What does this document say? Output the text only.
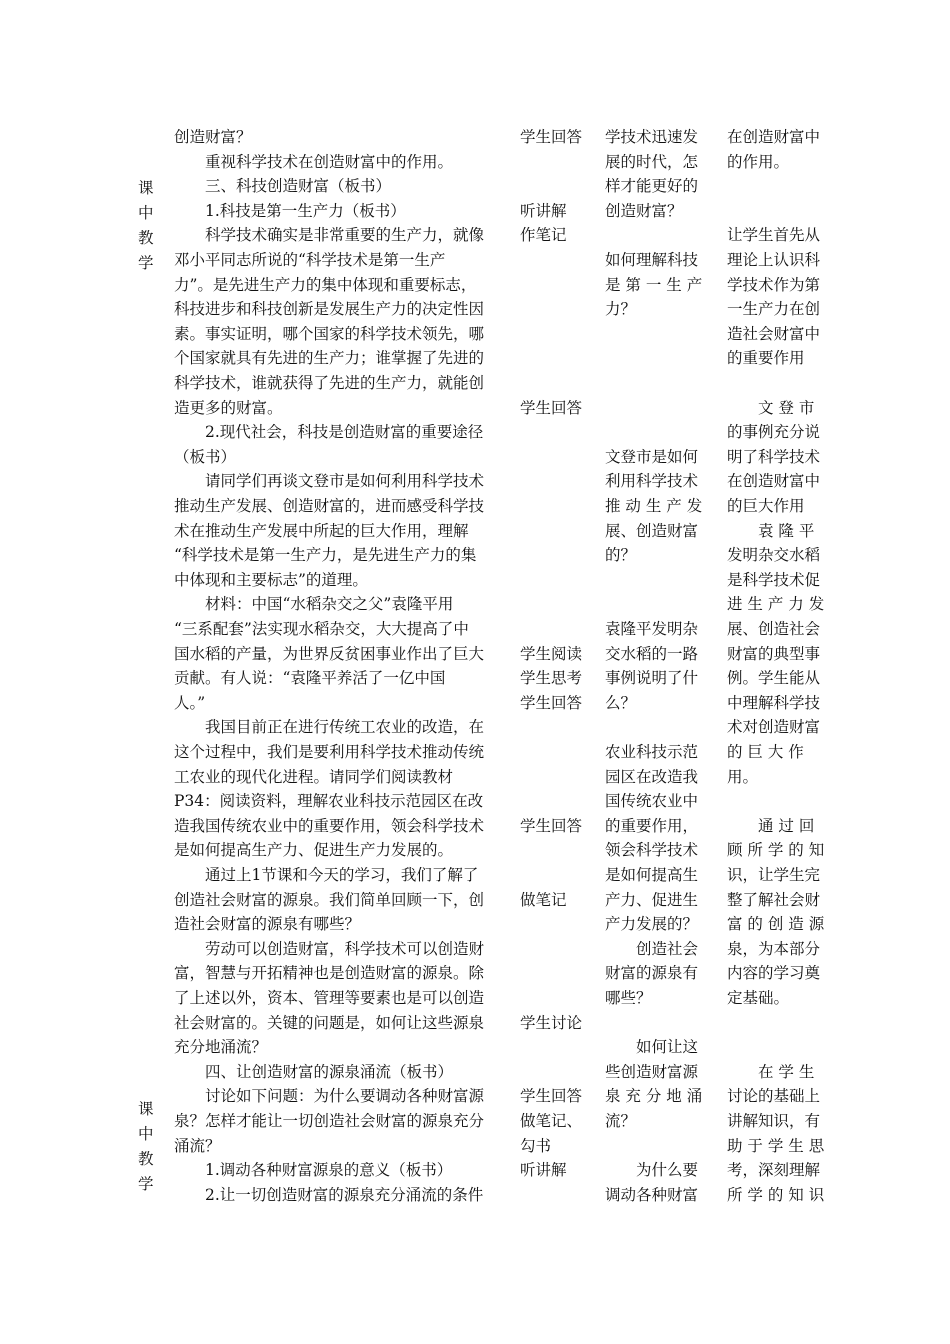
课
中
教
学
课
中
教
学
创造财富？
重视科学技术在创造财富中的作用。
三、科技创造财富（板书）
1.科技是第一生产力（板书）
科学技术确实是非常重要的生产力，就像
邓小平同志所说的“科学技术是第一生产
力”。是先进生产力的集中体现和重要标志，
科技进步和科技创新是发展生产力的决定性因
素。事实证明，哪个国家的科学技术领先，哪
个国家就具有先进的生产力；谁掌握了先进的
科学技术，谁就获得了先进的生产力，就能创
造更多的财富。
2.现代社会，科技是创造财富的重要途径
（板书）
请同学们再谈文登市是如何利用科学技术
推动生产发展、创造财富的，进而感受科学技
术在推动生产发展中所起的巨大作用，理解
“科学技术是第一生产力，是先进生产力的集
中体现和主要标志”的道理。
材料：中国“水稻杂交之父”袁隆平用
“三系配套”法实现水稻杂交，大大提高了中
国水稻的产量，为世界反贫困事业作出了巨大
贡献。有人说：“袁隆平养活了一亿中国
人。”
我国目前正在进行传统工农业的改造，在
这个过程中，我们是要利用科学技术推动传统
工农业的现代化进程。请同学们阅读教材
P34：阅读资料，理解农业科技示范园区在改
造我国传统农业中的重要作用，领会科学技术
是如何提高生产力、促进生产力发展的。
通过上1节课和今天的学习，我们了解了
创造社会财富的源泉。我们简单回顾一下，创
造社会财富的源泉有哪些？
劳动可以创造财富，科学技术可以创造财
富，智慧与开拓精神也是创造财富的源泉。除
了上述以外，资本、管理等要素也是可以创造
社会财富的。关键的问题是，如何让这些源泉
充分地涌流？
四、让创造财富的源泉涌流（板书）
讨论如下问题：为什么要调动各种财富源
泉？怎样才能让一切创造社会财富的源泉充分
涌流？
1.调动各种财富源泉的意义（板书）
2.让一切创造财富的源泉充分涌流的条件
学生回答
听讲解
作笔记
学生回答
学生阅读
学生思考
学生回答
学生回答
做笔记
学生讨论
学生回答
做笔记、
勾书
听讲解
学技术迅速发
展的时代，怎
样才能更好的
创造财富？
如何理解科技
是 第 一 生 产
力？
文登市是如何
利用科学技术
推 动 生 产 发
展、创造财富
的？
袁隆平发明杂
交水稻的一路
事例说明了什
么？
农业科技示范
园区在改造我
国传统农业中
的重要作用，
领会科学技术
是如何提高生
产力、促进生
产力发展的？
创造社会
财富的源泉有
哪些？
如何让这
些创造财富源
泉 充 分 地 涌
流？
为什么要
调动各种财富
在创造财富中
的作用。
让学生首先从
理论上认识科
学技术作为第
一生产力在创
造社会财富中
的重要作用
文 登 市
的事例充分说
明了科学技术
在创造财富中
的巨大作用
袁 隆 平
发明杂交水稻
是科学技术促
进 生 产 力 发
展、创造社会
财富的典型事
例。学生能从
中理解科学技
术对创造财富
的 巨 大 作
用。
通 过 回
顾 所 学 的 知
识，让学生完
整了解社会财
富 的 创 造 源
泉，为本部分
内容的学习奠
定基础。
在 学 生
讨论的基础上
讲解知识，有
助 于 学 生 思
考，深刻理解
所 学 的 知 识
